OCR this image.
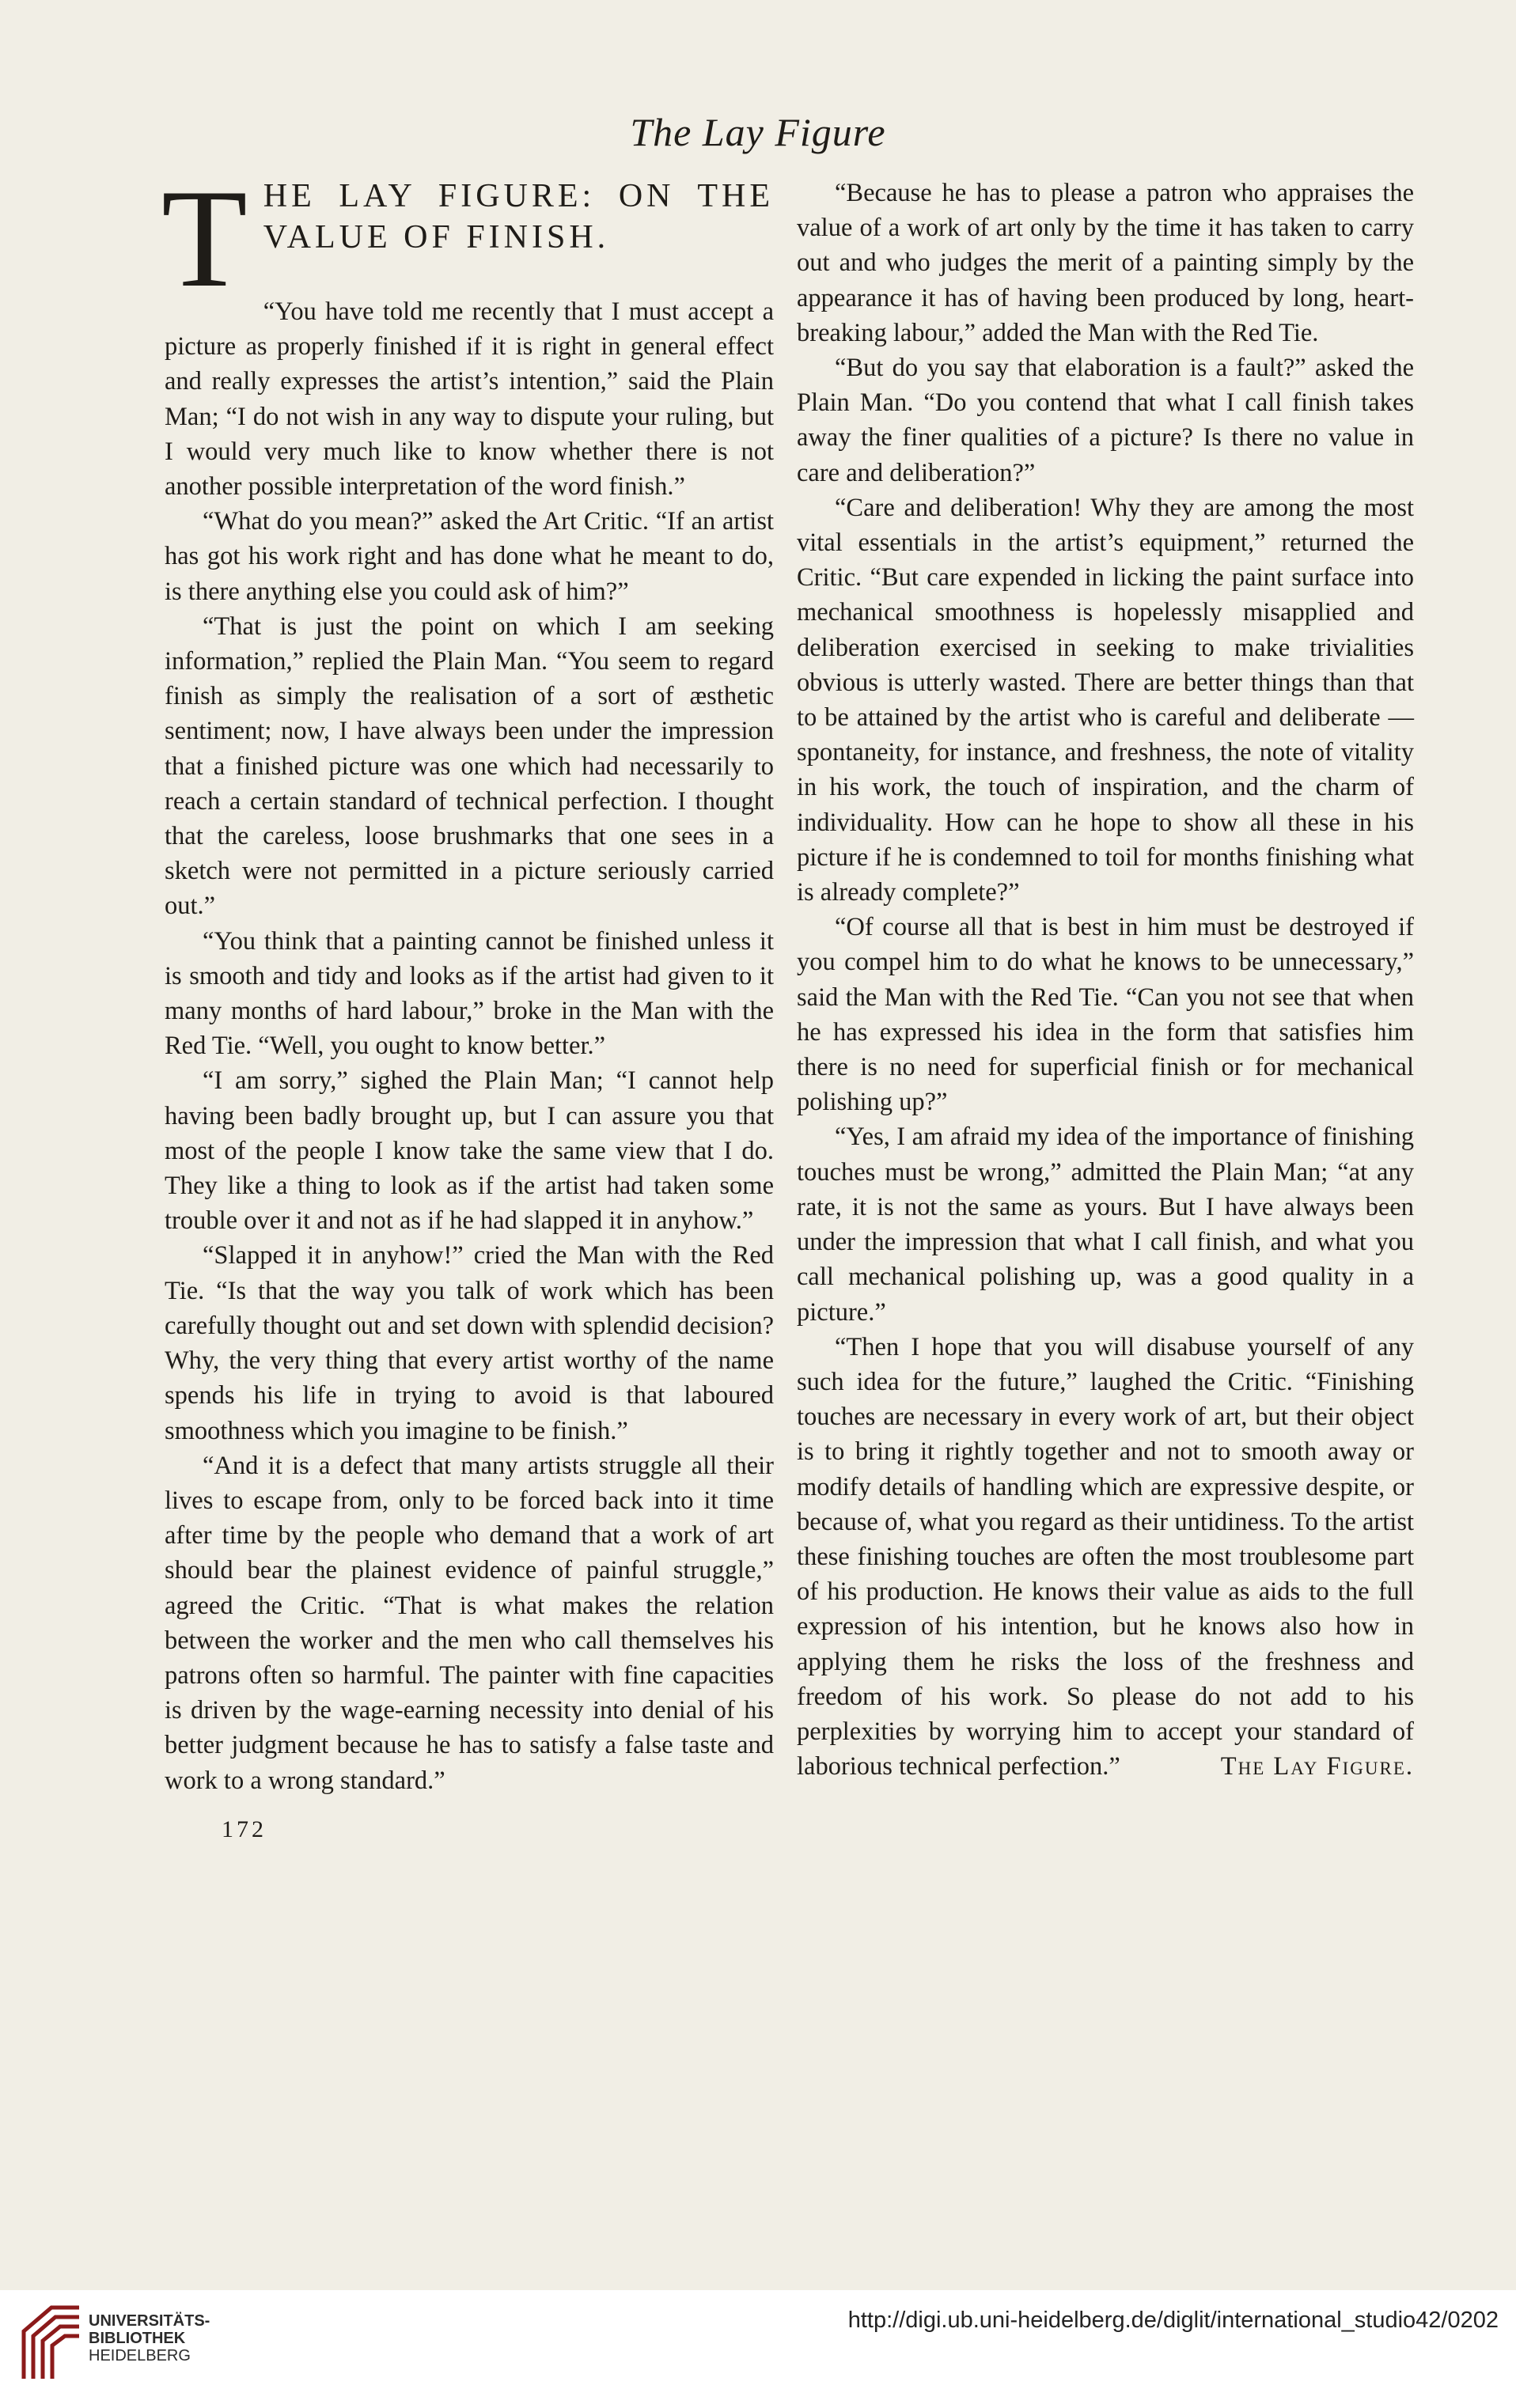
The Lay Figure
T HE LAY FIGURE: ON THE VALUE OF FINISH.

“You have told me recently that I must accept a picture as properly finished if it is right in general effect and really expresses the artist’s intention,” said the Plain Man; “I do not wish in any way to dispute your ruling, but I would very much like to know whether there is not another possible interpretation of the word finish.”

“What do you mean?” asked the Art Critic. “If an artist has got his work right and has done what he meant to do, is there anything else you could ask of him?”

“That is just the point on which I am seeking information,” replied the Plain Man. “You seem to regard finish as simply the realisation of a sort of æsthetic sentiment; now, I have always been under the impression that a finished picture was one which had necessarily to reach a certain standard of technical perfection. I thought that the careless, loose brushmarks that one sees in a sketch were not permitted in a picture seriously carried out.”

“You think that a painting cannot be finished unless it is smooth and tidy and looks as if the artist had given to it many months of hard labour,” broke in the Man with the Red Tie. “Well, you ought to know better.”

“I am sorry,” sighed the Plain Man; “I cannot help having been badly brought up, but I can assure you that most of the people I know take the same view that I do. They like a thing to look as if the artist had taken some trouble over it and not as if he had slapped it in anyhow.”

“Slapped it in anyhow!” cried the Man with the Red Tie. “Is that the way you talk of work which has been carefully thought out and set down with splendid decision? Why, the very thing that every artist worthy of the name spends his life in trying to avoid is that laboured smoothness which you imagine to be finish.”

“And it is a defect that many artists struggle all their lives to escape from, only to be forced back into it time after time by the people who demand that a work of art should bear the plainest evidence of painful struggle,” agreed the Critic. “That is what makes the relation between the worker and the men who call themselves his patrons often so harmful. The painter with fine capacities is driven by the wage-earning necessity into denial of his better judgment because he has to satisfy a false taste and work to a wrong standard.”

172

“Because he has to please a patron who appraises the value of a work of art only by the time it has taken to carry out and who judges the merit of a painting simply by the appearance it has of having been produced by long, heart-breaking labour,” added the Man with the Red Tie.

“But do you say that elaboration is a fault?” asked the Plain Man. “Do you contend that what I call finish takes away the finer qualities of a picture? Is there no value in care and deliberation?”

“Care and deliberation! Why they are among the most vital essentials in the artist’s equipment,” returned the Critic. “But care expended in licking the paint surface into mechanical smoothness is hopelessly misapplied and deliberation exercised in seeking to make trivialities obvious is utterly wasted. There are better things than that to be attained by the artist who is careful and deliberate —spontaneity, for instance, and freshness, the note of vitality in his work, the touch of inspiration, and the charm of individuality. How can he hope to show all these in his picture if he is condemned to toil for months finishing what is already complete?”

“Of course all that is best in him must be destroyed if you compel him to do what he knows to be unnecessary,” said the Man with the Red Tie. “Can you not see that when he has expressed his idea in the form that satisfies him there is no need for superficial finish or for mechanical polishing up?”

“Yes, I am afraid my idea of the importance of finishing touches must be wrong,” admitted the Plain Man; “at any rate, it is not the same as yours. But I have always been under the impression that what I call finish, and what you call mechanical polishing up, was a good quality in a picture.”

“Then I hope that you will disabuse yourself of any such idea for the future,” laughed the Critic. “Finishing touches are necessary in every work of art, but their object is to bring it rightly together and not to smooth away or modify details of handling which are expressive despite, or because of, what you regard as their untidiness. To the artist these finishing touches are often the most troublesome part of his production. He knows their value as aids to the full expression of his intention, but he knows also how in applying them he risks the loss of the freshness and freedom of his work. So please do not add to his perplexities by worrying him to accept your standard of laborious technical perfection.”	The Lay Figure.

UNIVERSITÄTS-
BIBLIOTHEK
HEIDELBERG
http://digi.ub.uni-heidelberg.de/diglit/international_studio42/0202
